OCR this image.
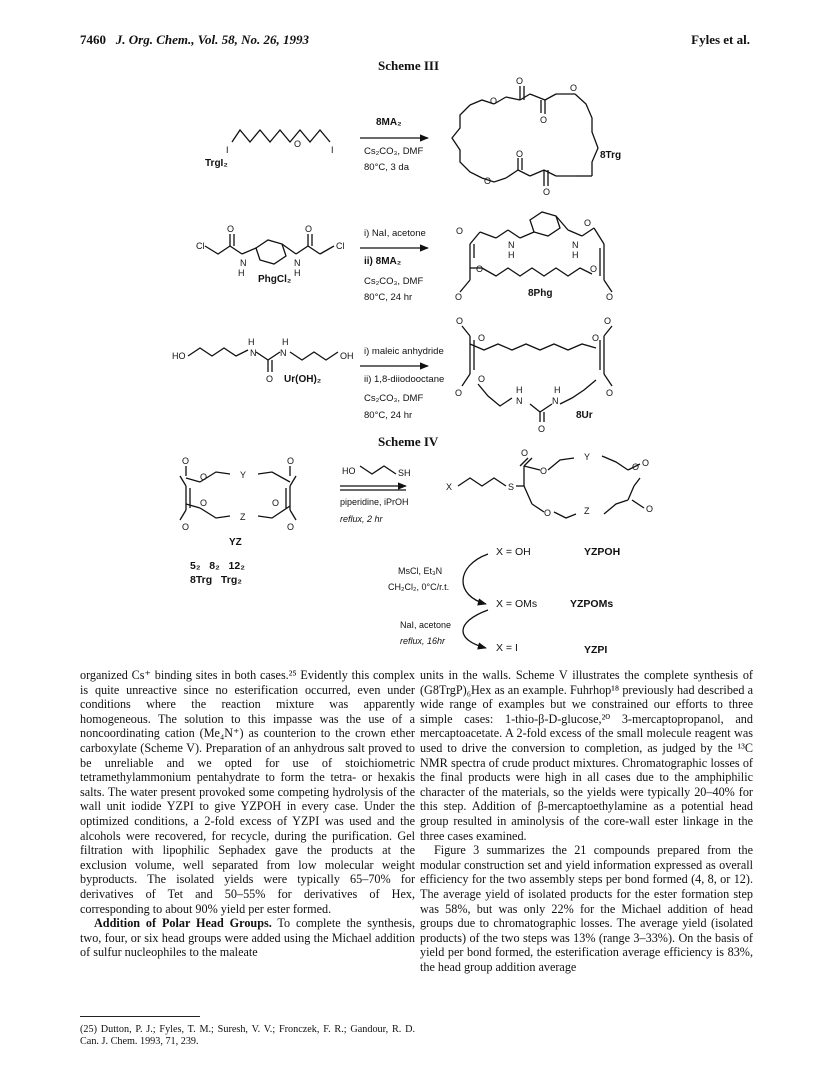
7460 J. Org. Chem., Vol. 58, No. 26, 1993	Fyles et al.
Scheme III
I
O
I
O
O
O
O
O
O
O
Cl
O	O
Cl
N
H
N
H
O
O
N
H
N
H
O	O
O	O
HO	N
H
N
H
O
OH
O	O
O	O
O
O	O
N
H
N
H
O
O	O
O	Y
O
Z
O
O	O
X	S
O
O
Y
O
O
O	Z	O
TrgI₂
8MA₂
Cs₂CO₃, DMF
80°C, 3 da
8Trg
PhgCl₂
i) NaI, acetone
ii) 8MA₂
Cs₂CO₃, DMF
80°C, 24 hr	8Phg
Ur(OH)₂
i) maleic anhydride
ii) 1,8-diiodooctane
Cs₂CO₃, DMF
80°C, 24 hr	8Ur
Scheme IV
YZ
5₂   8₂   12₂
8Trg   Trg₂
HO	SH
piperidine, iPrOH
reflux, 2 hr
X = OH	YZPOH
MsCl, Et₃N
CH₂Cl₂, 0°C/r.t.
X = OMs	YZPOMs
NaI, acetone
reflux, 16hr
X = I	YZPI

organized Cs⁺ binding sites in both cases.²⁵ Evidently this complex is quite unreactive since no esterification occurred, even under conditions where the reaction mixture was apparently homogeneous. The solution to this impasse was the use of a noncoordinating cation (Me₄N⁺) as counterion to the crown ether carboxylate (Scheme V). Preparation of an anhydrous salt proved to be unreliable and we opted for use of stoichiometric tetramethylammonium pentahydrate to form the tetra- or hexakis salts. The water present provoked some competing hydrolysis of the wall unit iodide YZPI to give YZPOH in every case. Under the optimized conditions, a 2-fold excess of YZPI was used and the alcohols were recovered, for recycle, during the purification. Gel filtration with lipophilic Sephadex gave the products at the exclusion volume, well separated from low molecular weight byproducts. The isolated yields were typically 65–70% for derivatives of Tet and 50–55% for derivatives of Hex, corresponding to about 90% yield per ester formed.

Addition of Polar Head Groups. To complete the synthesis, two, four, or six head groups were added using the Michael addition of sulfur nucleophiles to the maleate

units in the walls. Scheme V illustrates the complete synthesis of (G8TrgP)₆Hex as an example. Fuhrhop¹⁸ previously had described a wide range of examples but we constrained our efforts to three simple cases: 1-thio-β-D-glucose,²⁰ 3-mercaptopropanol, and mercaptoacetate. A 2-fold excess of the small molecule reagent was used to drive the conversion to completion, as judged by the ¹³C NMR spectra of crude product mixtures. Chromatographic losses of the final products were high in all cases due to the amphiphilic character of the materials, so the yields were typically 20–40% for this step. Addition of β-mercaptoethylamine as a potential head group resulted in aminolysis of the core-wall ester linkage in the three cases examined.

Figure 3 summarizes the 21 compounds prepared from the modular construction set and yield information expressed as overall efficiency for the two assembly steps per bond formed (4, 8, or 12). The average yield of isolated products for the ester formation step was 58%, but was only 22% for the Michael addition of head groups due to chromatographic losses. The average yield (isolated products) of the two steps was 13% (range 3–33%). On the basis of yield per bond formed, the esterification average efficiency is 83%, the head group addition average

(25) Dutton, P. J.; Fyles, T. M.; Suresh, V. V.; Fronczek, F. R.; Gandour, R. D. Can. J. Chem. 1993, 71, 239.
